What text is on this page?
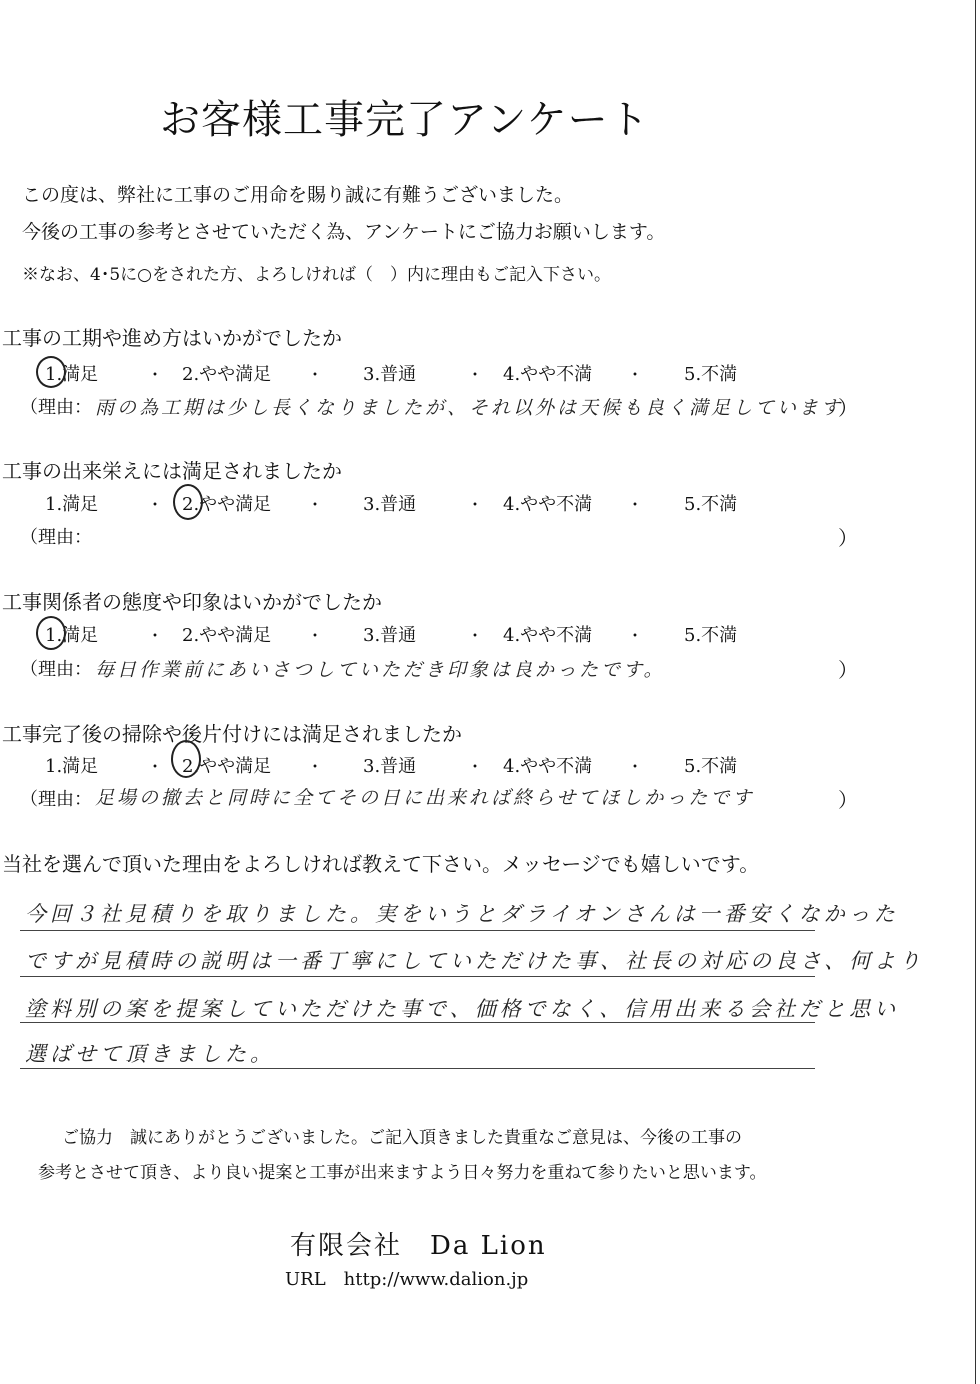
お客様工事完了アンケート
この度は、弊社に工事のご用命を賜り誠に有難うございました。
今後の工事の参考とさせていただく為、アンケートにご協力お願いします。
※なお、4･5に○をされた方、よろしければ（　）内に理由もご記入下さい。
工事の工期や進め方はいかがでしたか
1.満足	・ 2.やや満足 ・ 3.普通	・ 4.やや不満 ・ 5.不満
（理由： 雨の為工期は少し長くなりましたが、それ以外は天候も良く満足しています
）
工事の出来栄えには満足されましたか
1.満足	・ 2.やや満足 ・ 3.普通	・ 4.やや不満 ・ 5.不満
（理由：	）
工事関係者の態度や印象はいかがでしたか
1.満足	・ 2.やや満足 ・ 3.普通	・ 4.やや不満 ・ 5.不満
（理由： 毎日作業前にあいさつしていただき印象は良かったです。	）
工事完了後の掃除や後片付けには満足されましたか
1.満足	・ 2.やや満足 ・ 3.普通	・ 4.やや不満 ・ 5.不満
（理由： 足場の撤去と同時に全てその日に出来れば終らせてほしかったです	）
当社を選んで頂いた理由をよろしければ教えて下さい。メッセージでも嬉しいです。
今回３社見積りを取りました。実をいうとダライオンさんは一番安くなかった
ですが見積時の説明は一番丁寧にしていただけた事、社長の対応の良さ、何より
塗料別の案を提案していただけた事で、価格でなく、信用出来る会社だと思い
選ばせて頂きました。
ご協力　誠にありがとうございました。ご記入頂きました貴重なご意見は、今後の工事の
参考とさせて頂き、より良い提案と工事が出来ますよう日々努力を重ねて参りたいと思います。
有限会社　Da Lion
URL　http://www.dalion.jp
